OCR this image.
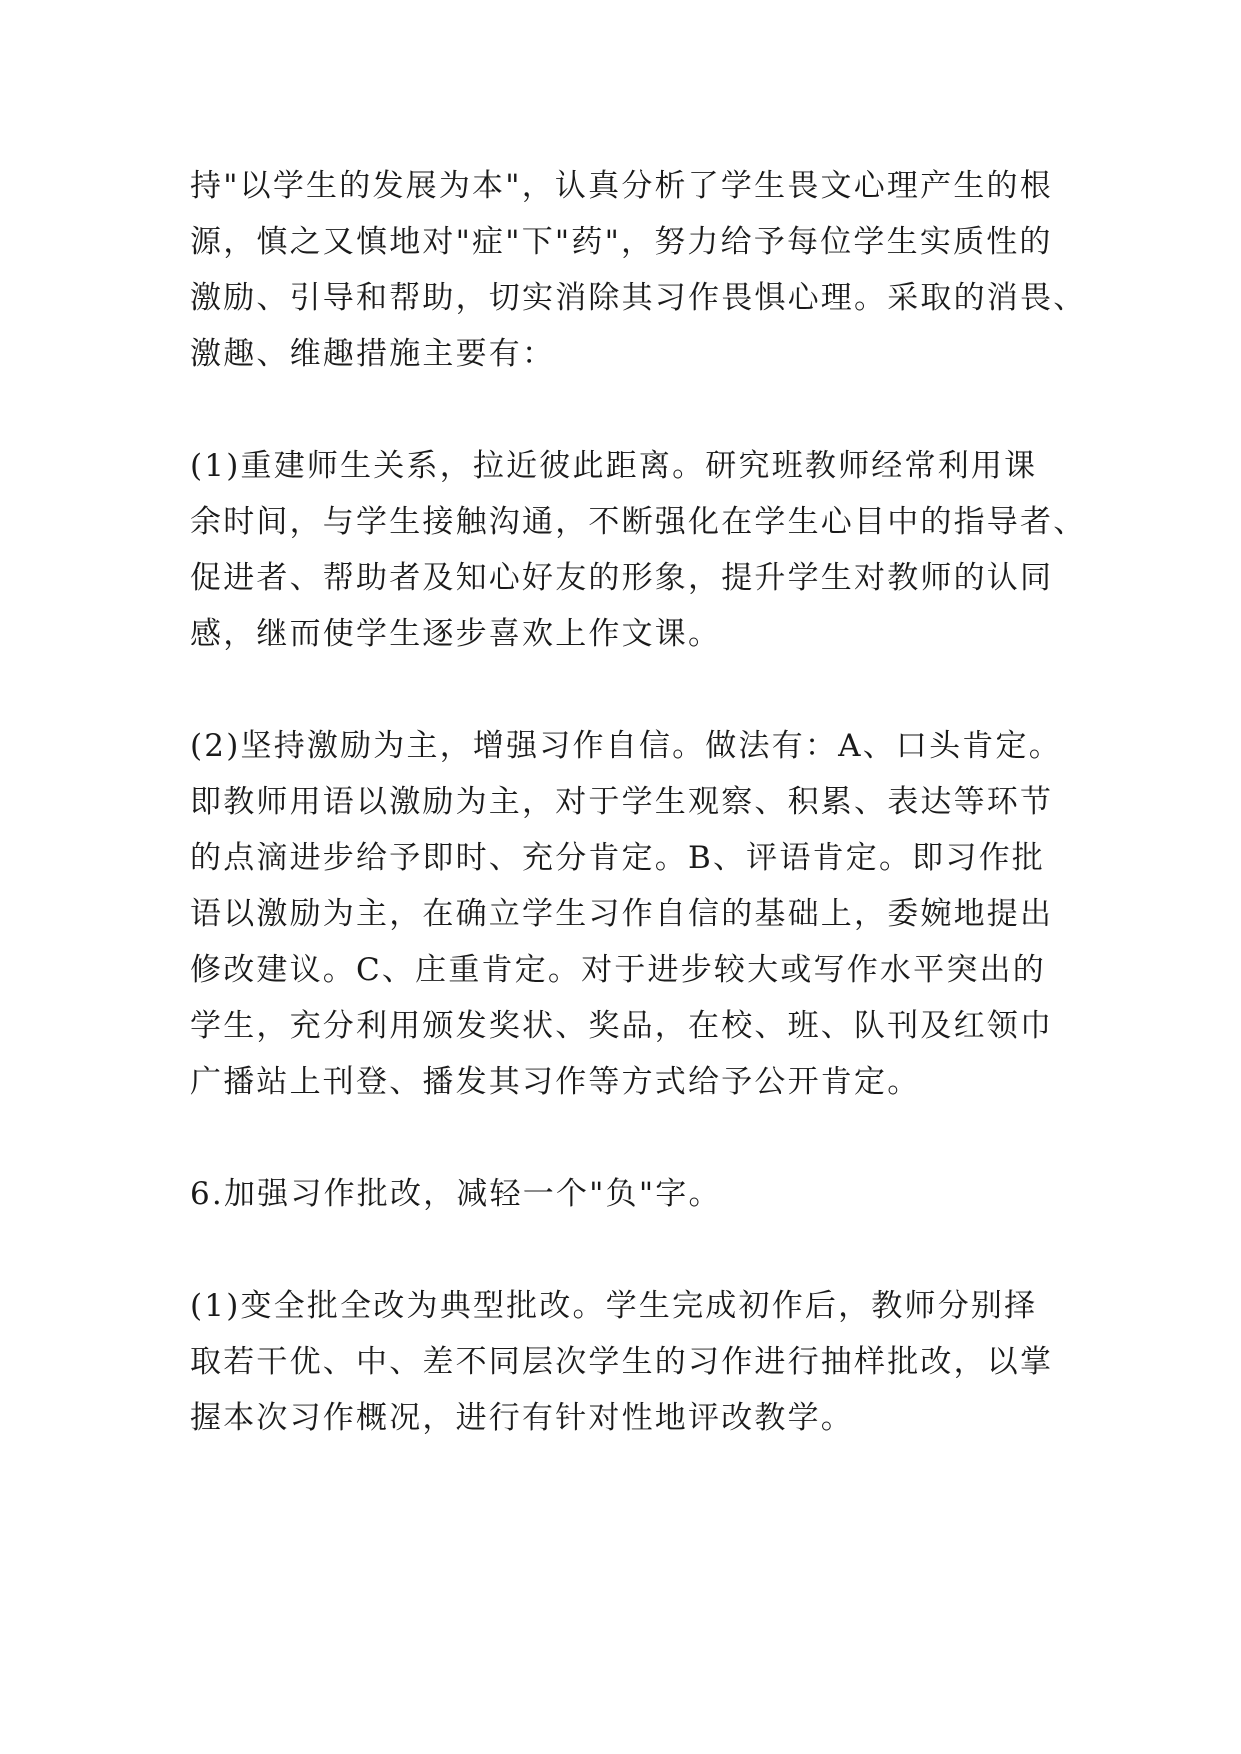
持"以学生的发展为本"，认真分析了学生畏文心理产生的根
源，慎之又慎地对"症"下"药"，努力给予每位学生实质性的
激励、引导和帮助，切实消除其习作畏惧心理。采取的消畏、
激趣、维趣措施主要有：
(1)重建师生关系，拉近彼此距离。研究班教师经常利用课
余时间，与学生接触沟通，不断强化在学生心目中的指导者、
促进者、帮助者及知心好友的形象，提升学生对教师的认同
感，继而使学生逐步喜欢上作文课。
(2)坚持激励为主，增强习作自信。做法有：A、口头肯定。
即教师用语以激励为主，对于学生观察、积累、表达等环节
的点滴进步给予即时、充分肯定。B、评语肯定。即习作批
语以激励为主，在确立学生习作自信的基础上，委婉地提出
修改建议。C、庄重肯定。对于进步较大或写作水平突出的
学生，充分利用颁发奖状、奖品，在校、班、队刊及红领巾
广播站上刊登、播发其习作等方式给予公开肯定。
6.加强习作批改，减轻一个"负"字。
(1)变全批全改为典型批改。学生完成初作后，教师分别择
取若干优、中、差不同层次学生的习作进行抽样批改，以掌
握本次习作概况，进行有针对性地评改教学。
